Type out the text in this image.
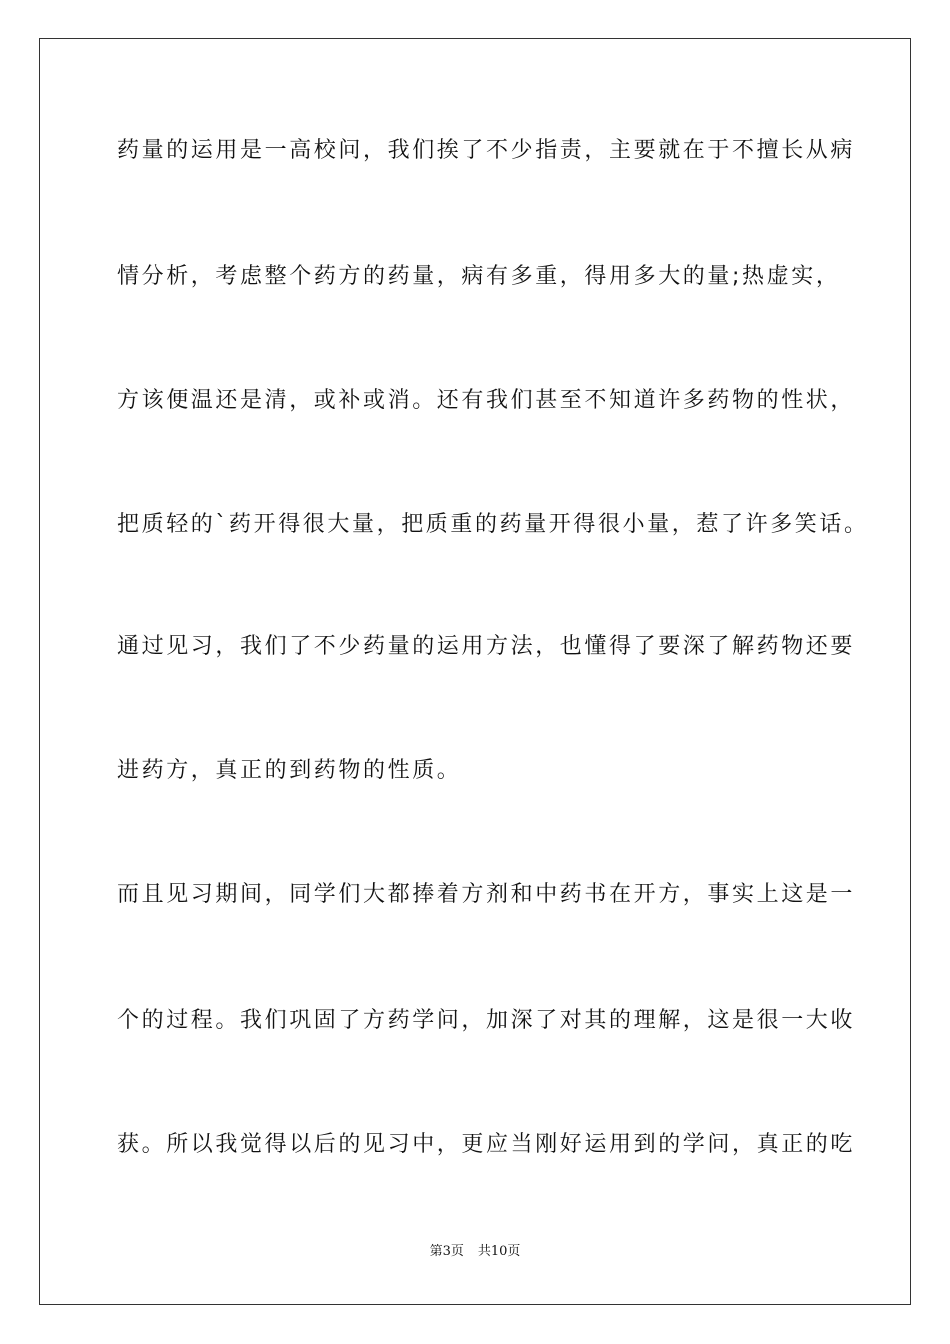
药量的运用是一高校问，我们挨了不少指责，主要就在于不擅长从病
情分析，考虑整个药方的药量，病有多重，得用多大的量;热虚实，
方该便温还是清，或补或消。还有我们甚至不知道许多药物的性状，
把质轻的`药开得很大量，把质重的药量开得很小量，惹了许多笑话。
通过见习，我们了不少药量的运用方法，也懂得了要深了解药物还要
进药方，真正的到药物的性质。
而且见习期间，同学们大都捧着方剂和中药书在开方，事实上这是一
个的过程。我们巩固了方药学问，加深了对其的理解，这是很一大收
获。所以我觉得以后的见习中，更应当刚好运用到的学问，真正的吃
第3页 共10页
